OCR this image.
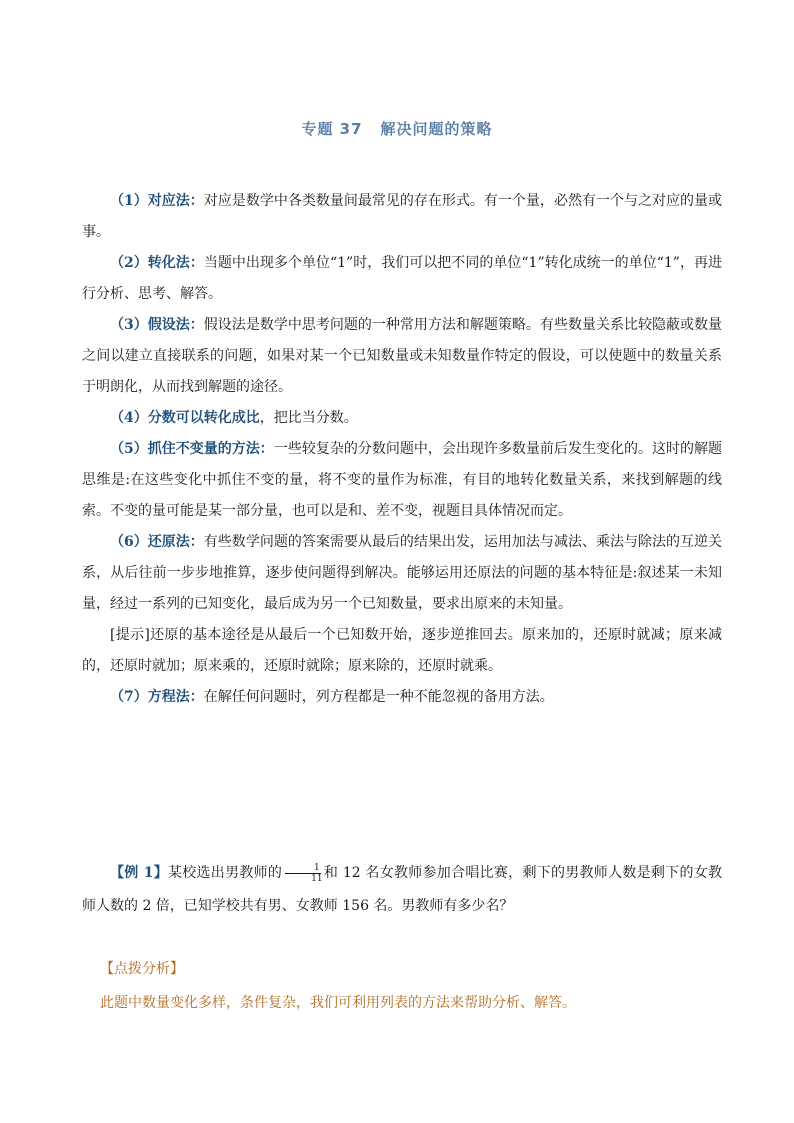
专题 37 解决问题的策略

（1）对应法：对应是数学中各类数量间最常见的存在形式。有一个量，必然有一个与之对应的量或事。

（2）转化法：当题中出现多个单位“1”时，我们可以把不同的单位“1”转化成统一的单位“1”，再进行分析、思考、解答。

（3）假设法：假设法是数学中思考问题的一种常用方法和解题策略。有些数量关系比较隐蔽或数量之间以建立直接联系的问题，如果对某一个已知数量或未知数量作特定的假设，可以使题中的数量关系于明朗化，从而找到解题的途径。

（4）分数可以转化成比，把比当分数。

（5）抓住不变量的方法：一些较复杂的分数问题中，会出现许多数量前后发生变化的。这时的解题思维是:在这些变化中抓住不变的量，将不变的量作为标准，有目的地转化数量关系，来找到解题的线索。不变的量可能是某一部分量，也可以是和、差不变，视题目具体情况而定。

（6）还原法：有些数学问题的答案需要从最后的结果出发，运用加法与减法、乘法与除法的互逆关系，从后往前一步步地推算，逐步使问题得到解决。能够运用还原法的问题的基本特征是:叙述某一未知量，经过一系列的已知变化，最后成为另一个已知数量，要求出原来的未知量。

[提示]还原的基本途径是从最后一个已知数开始，逐步逆推回去。原来加的，还原时就减；原来减的，还原时就加；原来乘的，还原时就除；原来除的，还原时就乘。

（7）方程法：在解任何问题时，列方程都是一种不能忽视的备用方法。

【例 1】某校选出男教师的 $\frac{1}{11}$ 和 12 名女教师参加合唱比赛，剩下的男教师人数是剩下的女教师人数的 2 倍，已知学校共有男、女教师 156 名。男教师有多少名？

【点拨分析】
此题中数量变化多样，条件复杂，我们可利用列表的方法来帮助分析、解答。
